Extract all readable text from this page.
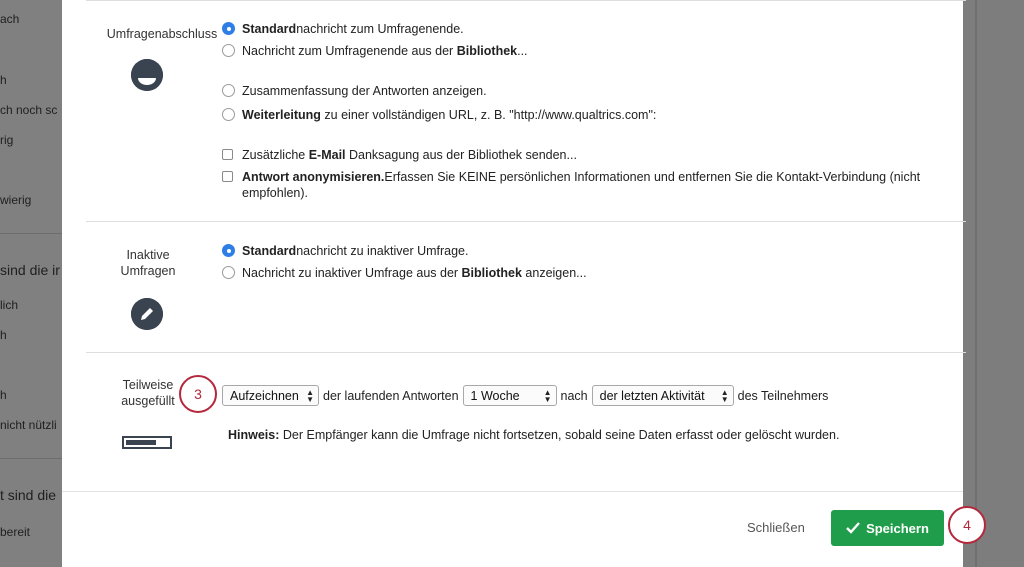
ach
h
ch noch sc
rig
wierig
sind die ir
lich
h
h
nicht nützli
t sind die
bereit
Umfragenabschluss	Standardnachricht zum Umfragenende.
Nachricht zum Umfragenende aus der Bibliothek...
Zusammenfassung der Antworten anzeigen.
Weiterleitung zu einer vollständigen URL, z. B. "http://www.qualtrics.com":
Zusätzliche E-Mail Danksagung aus der Bibliothek senden...
Antwort anonymisieren.Erfassen Sie KEINE persönlichen Informationen und entfernen Sie die Kontakt-Verbindung (nicht empfohlen).
Inaktive
Umfragen
Standardnachricht zu inaktiver Umfrage.
Nachricht zu inaktiver Umfrage aus der Bibliothek anzeigen...
Teilweise
ausgefüllt	Aufzeichnen ▲
▼ der laufenden Antworten 1 Woche	▲
▼ nach der letzten Aktivität ▲
▼ des Teilnehmers
Hinweis: Der Empfänger kann die Umfrage nicht fortsetzen, sobald seine Daten erfasst oder gelöscht wurden.
Schließen	Speichern
3
4
